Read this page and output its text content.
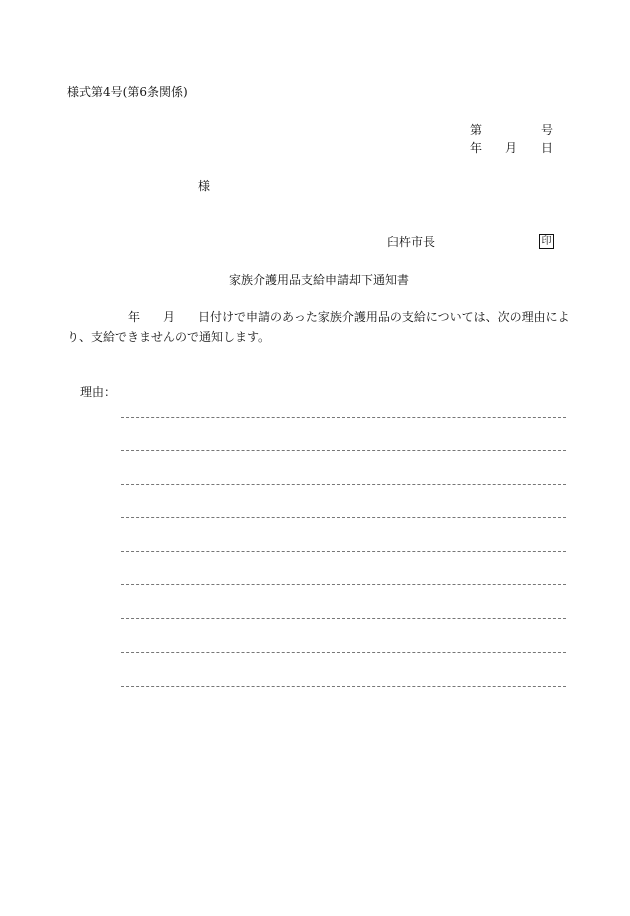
様式第4号(第6条関係)
第	号
年 月 日
様
臼杵市長	印
家族介護用品支給申請却下通知書
年 月 日付けで申請のあった家族介護用品の支給については、次の理由によ
り、支給できませんので通知します。
理由：
